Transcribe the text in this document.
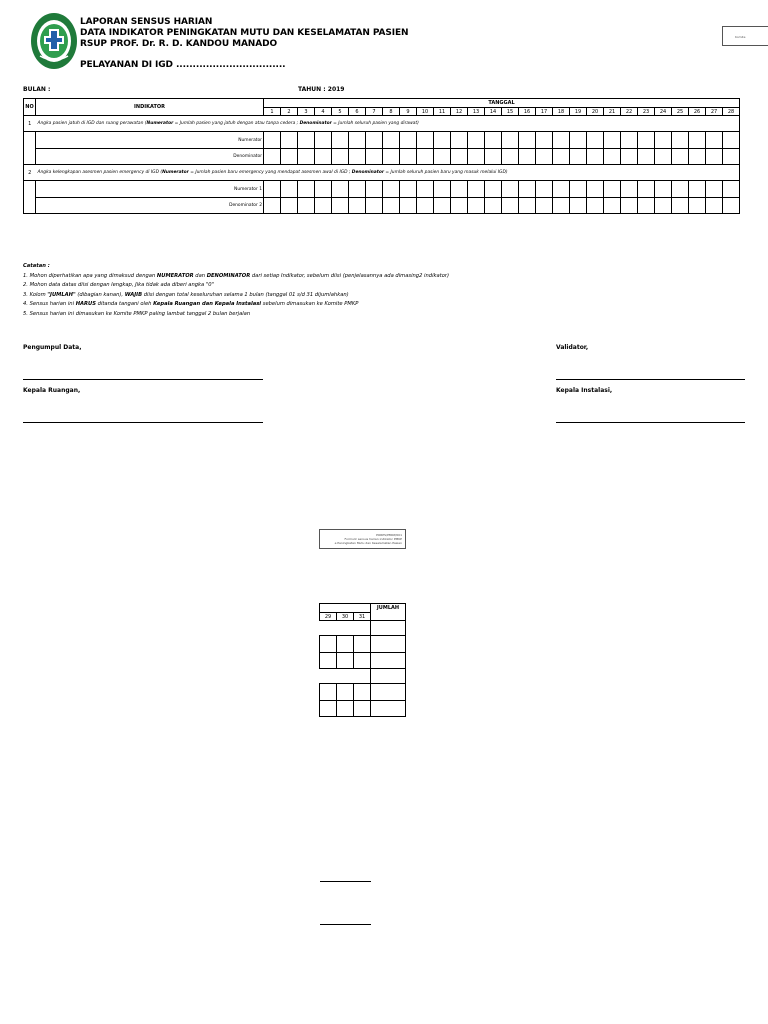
LAPORAN SENSUS HARIAN
DATA INDIKATOR PENINGKATAN MUTU DAN KESELAMATAN PASIEN
RSUP PROF. Dr. R. D. KANDOU MANADO
PELAYANAN DI IGD .................................
Komite
BULAN :	TAHUN : 2019
NO	INDIKATOR	TANGGAL																											
		1	2	3	4	5	6	7	8	9	10	11	12	13	14	15	16	17	18	19	20	21	22	23	24	25	26	27	28
1	Angka pasien jatuh di IGD dan ruang perawatan (Numerator = Jumlah pasien yang jatuh dengan atau tanpa cedera ; Denominator = Jumlah seluruh pasien yang dirawat)																												
	Numerator																												
	Denominator																												
2	Angka kelengkapan asesmen pasien emergency di IGD (Numerator = Jumlah pasien baru emergency yang mendapat asesmen awal di IGD ; Denominator = Jumlah seluruh pasien baru yang masuk melalui IGD)																												
	Numerator 1																												
	Denominator 2																												
Catatan :
1. Mohon diperhatikan apa yang dimaksud dengan NUMERATOR dan DENOMINATOR dari setiap Indikator, sebelum diisi (penjelasannya ada dimasing2 indikator)
2. Mohon data datas diisi dengan lengkap, Jika tidak ada diberi angka "0"
3. Kolom "JUMLAH" (dibagian kanan), WAJIB diisi dengan total keseluruhan selama 1 bulan (tanggal 01 s/d 31 dijumlahkan)
4. Sensus harian ini HARUS ditanda tangani oleh Kepala Ruangan dan Kepala Instalasi sebelum dimasukan ke Komite PMKP
5. Sensus harian ini dimasukan ke Komite PMKP paling lambat tanggal 2 bulan berjalan
Pengumpul Data,	Validator,
Kepala Ruangan,	Kepala Instalasi,
PORPS/PMKP/001
Formulir sensus harian indikator PMKP
e Peningkatan Mutu dan Keselamatan Pasien
			JUMLAH
29	30	31	
